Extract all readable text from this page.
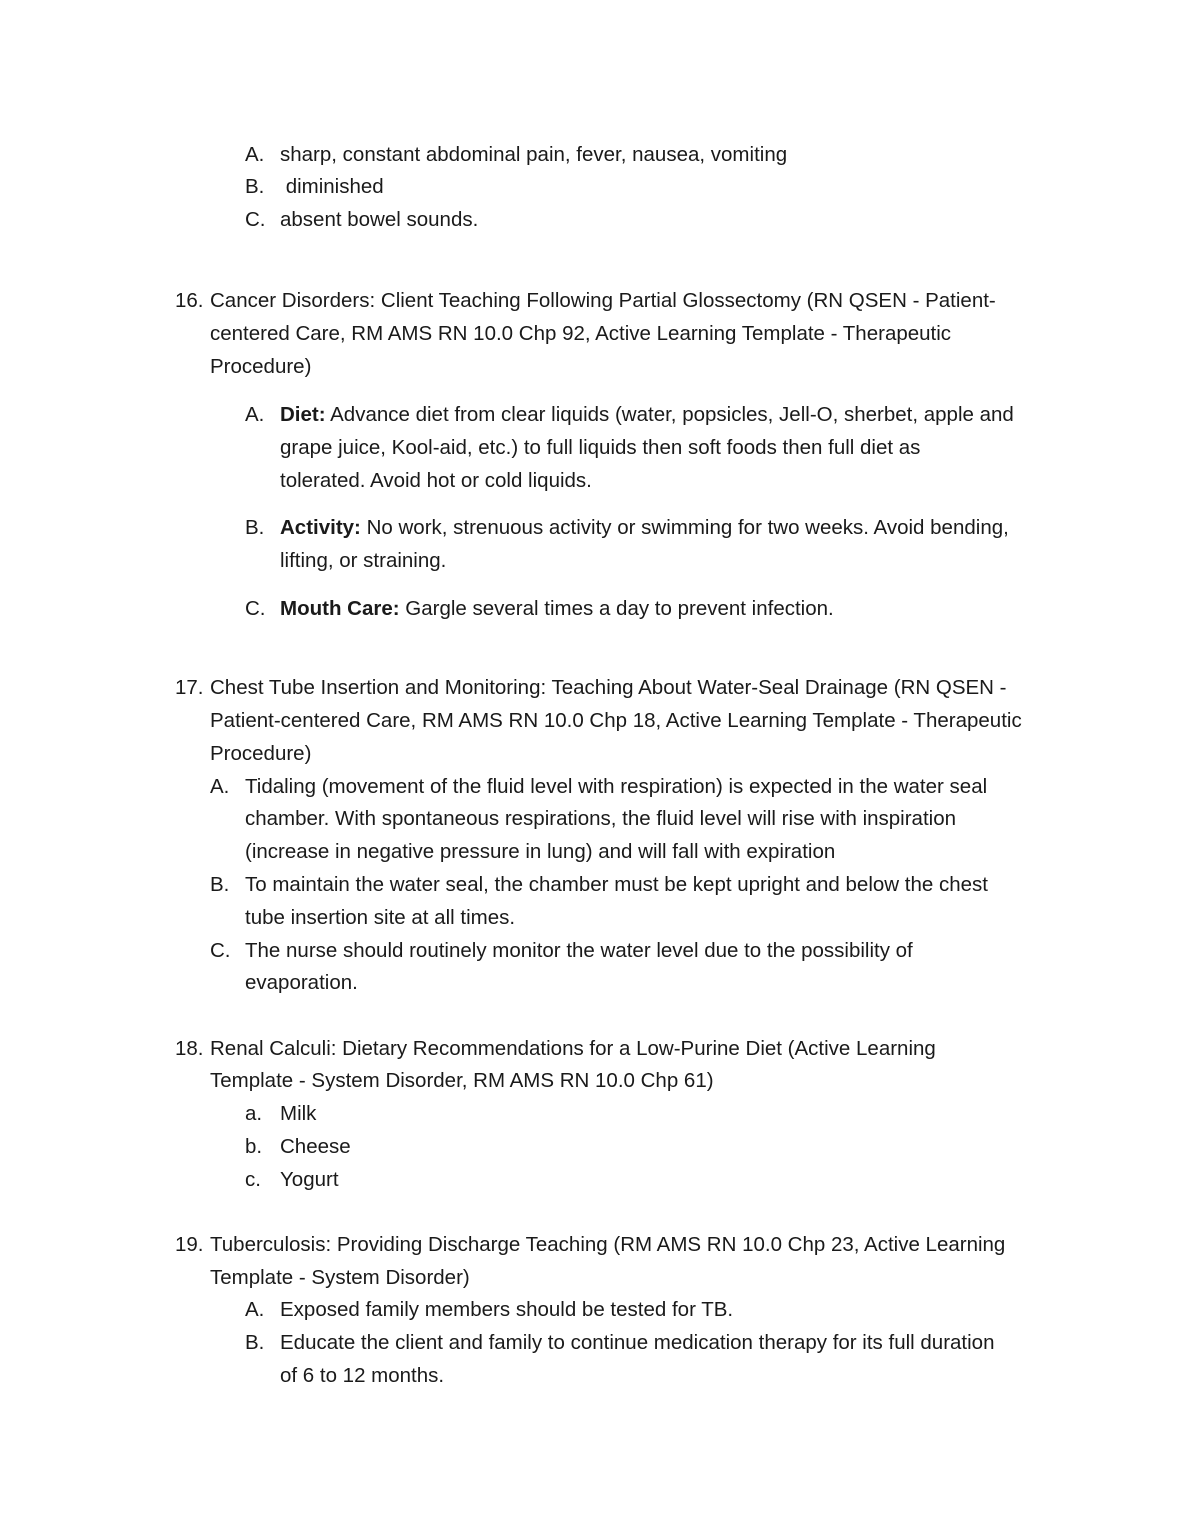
A. sharp, constant abdominal pain, fever, nausea, vomiting
B. diminished
C. absent bowel sounds.
16. Cancer Disorders: Client Teaching Following Partial Glossectomy (RN QSEN - Patient-
centered Care, RM AMS RN 10.0 Chp 92, Active Learning Template - Therapeutic
Procedure)
A. Diet: Advance diet from clear liquids (water, popsicles, Jell-O, sherbet, apple and
grape juice, Kool-aid, etc.) to full liquids then soft foods then full diet as
tolerated. Avoid hot or cold liquids.
B. Activity: No work, strenuous activity or swimming for two weeks. Avoid bending,
lifting, or straining.
C. Mouth Care: Gargle several times a day to prevent infection.
17. Chest Tube Insertion and Monitoring: Teaching About Water-Seal Drainage (RN QSEN -
Patient-centered Care, RM AMS RN 10.0 Chp 18, Active Learning Template - Therapeutic
Procedure)
A. Tidaling (movement of the fluid level with respiration) is expected in the water seal
chamber. With spontaneous respirations, the fluid level will rise with inspiration
(increase in negative pressure in lung) and will fall with expiration
B. To maintain the water seal, the chamber must be kept upright and below the chest
tube insertion site at all times.
C. The nurse should routinely monitor the water level due to the possibility of
evaporation.
18. Renal Calculi: Dietary Recommendations for a Low-Purine Diet (Active Learning
Template - System Disorder, RM AMS RN 10.0 Chp 61)
a. Milk
b. Cheese
c. Yogurt
19. Tuberculosis: Providing Discharge Teaching (RM AMS RN 10.0 Chp 23, Active Learning
Template - System Disorder)
A. Exposed family members should be tested for TB.
B. Educate the client and family to continue medication therapy for its full duration
of 6 to 12 months.
